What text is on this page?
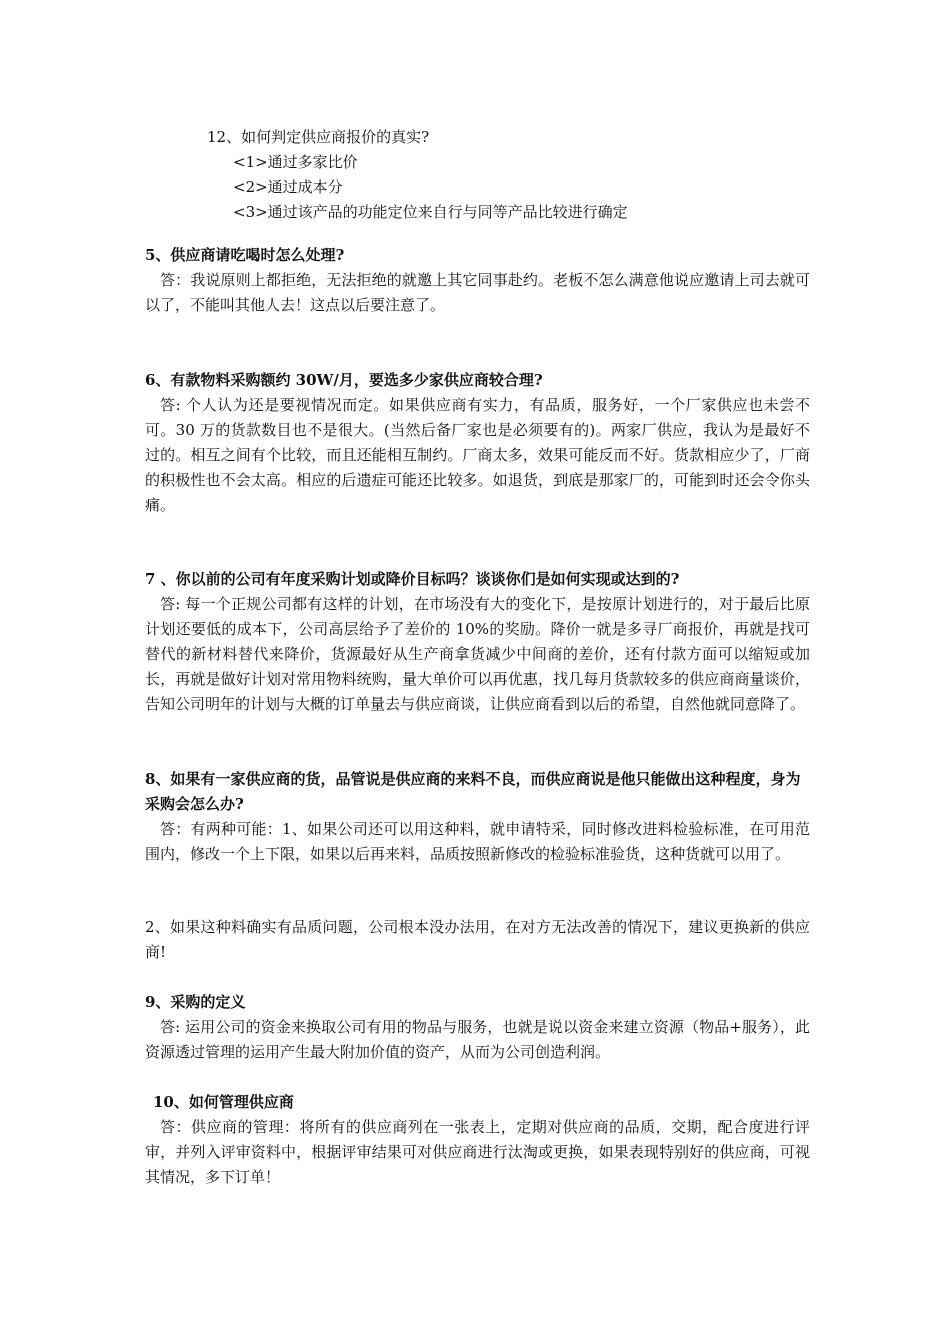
12、如何判定供应商报价的真实?

<1>通过多家比价

<2>通过成本分

<3>通过该产品的功能定位来自行与同等产品比较进行确定

5、供应商请吃喝时怎么处理?

答：我说原则上都拒绝，无法拒绝的就邀上其它同事赴约。老板不怎么满意他说应邀请上司去就可以了，不能叫其他人去！这点以后要注意了。

6、有款物料采购额约 30W/月，要选多少家供应商较合理?

答: 个人认为还是要视情况而定。如果供应商有实力，有品质，服务好，一个厂家供应也未尝不可。30 万的货款数目也不是很大。(当然后备厂家也是必须要有的)。两家厂供应，我认为是最好不过的。相互之间有个比较，而且还能相互制约。厂商太多，效果可能反而不好。货款相应少了，厂商的积极性也不会太高。相应的后遗症可能还比较多。如退货，到底是那家厂的，可能到时还会令你头痛。

7 、你以前的公司有年度采购计划或降价目标吗？谈谈你们是如何实现或达到的?

答: 每一个正规公司都有这样的计划，在市场没有大的变化下，是按原计划进行的，对于最后比原计划还要低的成本下，公司高层给予了差价的 10%的奖励。降价一就是多寻厂商报价，再就是找可替代的新材料替代来降价，货源最好从生产商拿货减少中间商的差价，还有付款方面可以缩短或加长，再就是做好计划对常用物料统购，量大单价可以再优惠，找几每月货款较多的供应商商量谈价，告知公司明年的计划与大概的订单量去与供应商谈，让供应商看到以后的希望，自然他就同意降了。

8、如果有一家供应商的货，品管说是供应商的来料不良，而供应商说是他只能做出这种程度，身为采购会怎么办?

答：有两种可能：1、如果公司还可以用这种料，就申请特采，同时修改进料检验标准，在可用范围内，修改一个上下限，如果以后再来料，品质按照新修改的检验标准验货，这种货就可以用了。

2、如果这种料确实有品质问题，公司根本没办法用，在对方无法改善的情况下，建议更换新的供应商!

9、采购的定义

答: 运用公司的资金来换取公司有用的物品与服务，也就是说以资金来建立资源（物品+服务），此资源透过管理的运用产生最大附加价值的资产，从而为公司创造利润。

10、如何管理供应商

答：供应商的管理：将所有的供应商列在一张表上，定期对供应商的品质，交期，配合度进行评审，并列入评审资料中，根据评审结果可对供应商进行汰淘或更换，如果表现特别好的供应商，可视其情况，多下订单！
